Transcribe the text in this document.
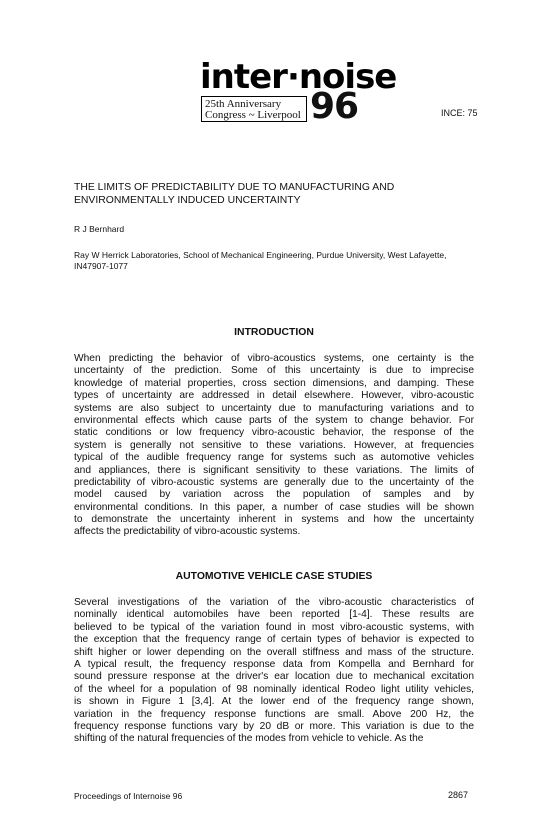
inter·noise
25th Anniversary
Congress ~ Liverpool 96	INCE: 75
THE LIMITS OF PREDICTABILITY DUE TO MANUFACTURING AND
ENVIRONMENTALLY INDUCED UNCERTAINTY
R J Bernhard
Ray W Herrick Laboratories, School of Mechanical Engineering, Purdue University, West Lafayette,
IN47907-1077
INTRODUCTION
When predicting the behavior of vibro-acoustics systems, one certainty is the
uncertainty of the prediction. Some of this uncertainty is due to imprecise
knowledge of material properties, cross section dimensions, and damping. These
types of uncertainty are addressed in detail elsewhere. However, vibro-acoustic
systems are also subject to uncertainty due to manufacturing variations and to
environmental effects which cause parts of the system to change behavior. For
static conditions or low frequency vibro-acoustic behavior, the response of the
system is generally not sensitive to these variations. However, at frequencies
typical of the audible frequency range for systems such as automotive vehicles
and appliances, there is significant sensitivity to these variations. The limits of
predictability of vibro-acoustic systems are generally due to the uncertainty of the
model caused by variation across the population of samples and by
environmental conditions. In this paper, a number of case studies will be shown
to demonstrate the uncertainty inherent in systems and how the uncertainty
affects the predictability of vibro-acoustic systems.
AUTOMOTIVE VEHICLE CASE STUDIES
Several investigations of the variation of the vibro-acoustic characteristics of
nominally identical automobiles have been reported [1-4]. These results are
believed to be typical of the variation found in most vibro-acoustic systems, with
the exception that the frequency range of certain types of behavior is expected to
shift higher or lower depending on the overall stiffness and mass of the structure.
A typical result, the frequency response data from Kompella and Bernhard for
sound pressure response at the driver's ear location due to mechanical excitation
of the wheel for a population of 98 nominally identical Rodeo light utility vehicles,
is shown in Figure 1 [3,4]. At the lower end of the frequency range shown,
variation in the frequency response functions are small. Above 200 Hz, the
frequency response functions vary by 20 dB or more. This variation is due to the
shifting of the natural frequencies of the modes from vehicle to vehicle. As the
Proceedings of Internoise 96	2867
